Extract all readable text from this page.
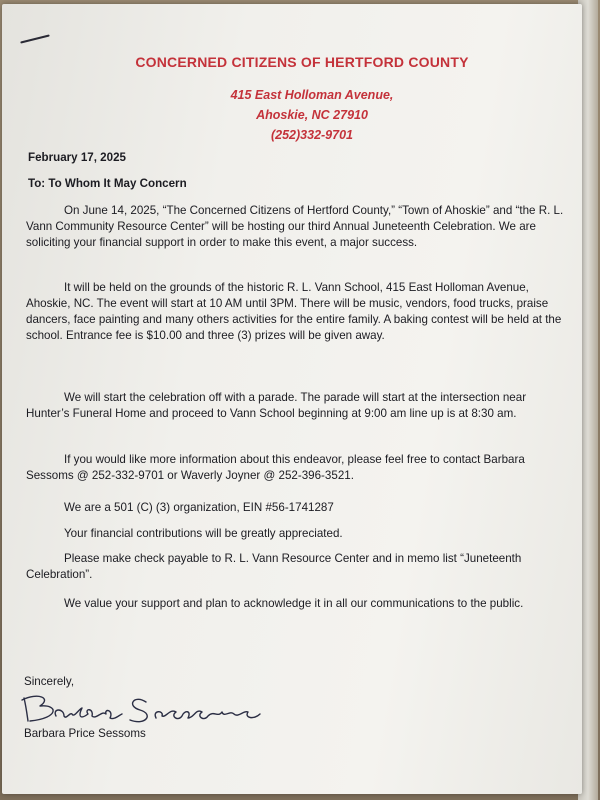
CONCERNED CITIZENS OF HERTFORD COUNTY
415 East Holloman Avenue,
Ahoskie, NC 27910
(252)332-9701

February 17, 2025

To: To Whom It May Concern

On June 14, 2025, “The Concerned Citizens of Hertford County,” “Town of Ahoskie” and “the R. L. Vann Community Resource Center” will be hosting our third Annual Juneteenth Celebration. We are soliciting your financial support in order to make this event, a major success.

It will be held on the grounds of the historic R. L. Vann School, 415 East Holloman Avenue, Ahoskie, NC. The event will start at 10 AM until 3PM. There will be music, vendors, food trucks, praise dancers, face painting and many others activities for the entire family. A baking contest will be held at the school. Entrance fee is $10.00 and three (3) prizes will be given away.

We will start the celebration off with a parade. The parade will start at the intersection near Hunter’s Funeral Home and proceed to Vann School beginning at 9:00 am line up is at 8:30 am.

If you would like more information about this endeavor, please feel free to contact Barbara Sessoms @ 252-332-9701 or Waverly Joyner @ 252-396-3521.

We are a 501 (C) (3) organization, EIN #56-1741287

Your financial contributions will be greatly appreciated.

Please make check payable to R. L. Vann Resource Center and in memo list “Juneteenth Celebration”.

We value your support and plan to acknowledge it in all our communications to the public.

Sincerely,

Barbara Price Sessoms
